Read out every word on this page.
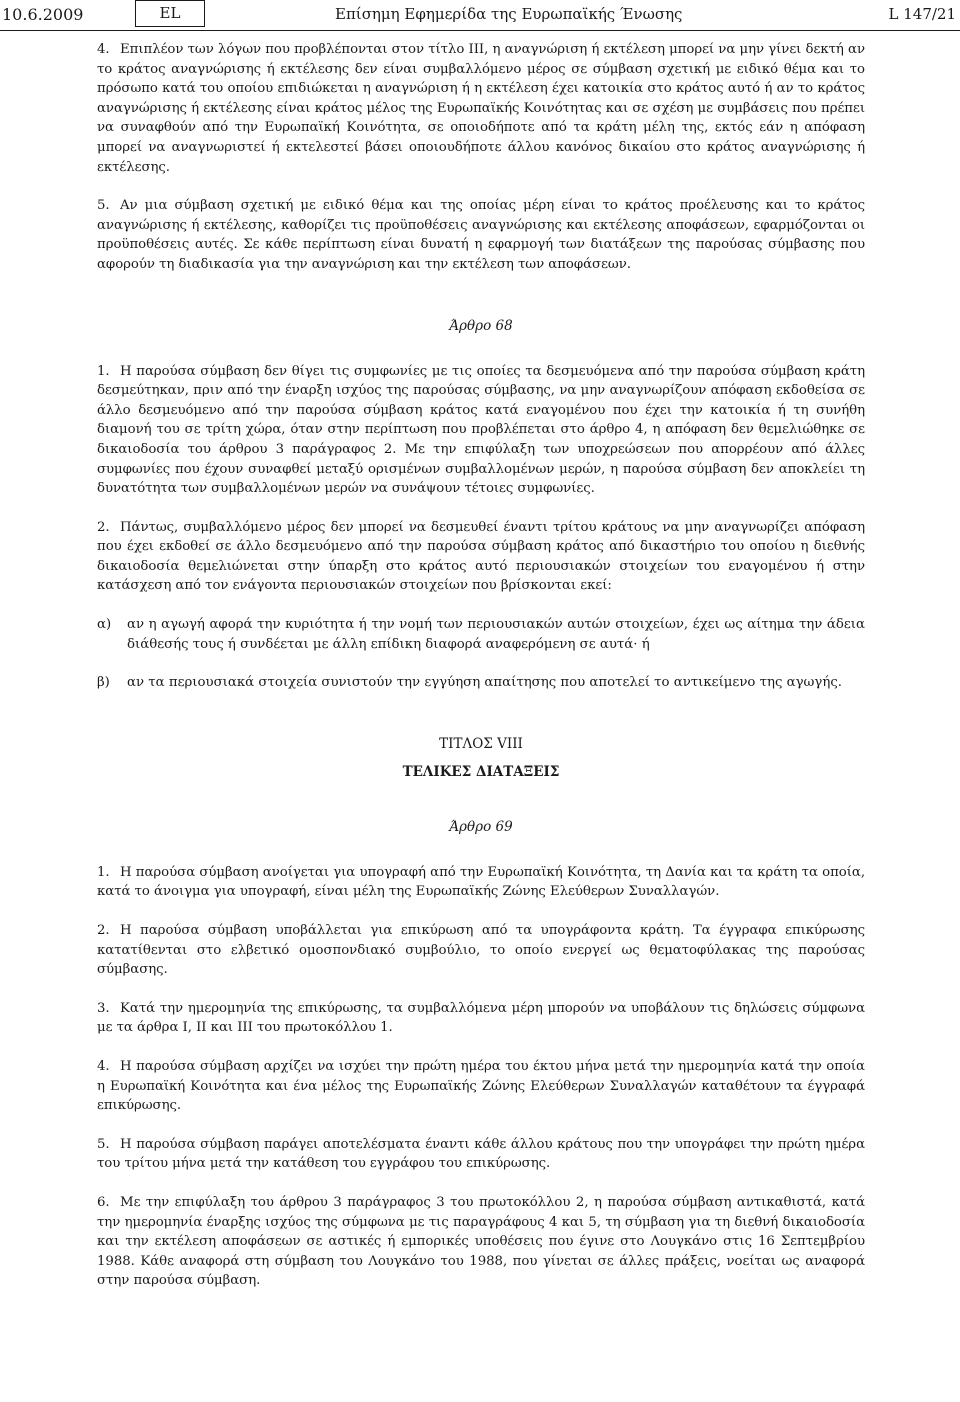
10.6.2009	EL	Επίσημη Εφημερίδα της Ευρωπαϊκής Ένωσης	L 147/21

4. Επιπλέον των λόγων που προβλέπονται στον τίτλο III, η αναγνώριση ή εκτέλεση μπορεί να μην γίνει δεκτή αν το κράτος αναγνώρισης ή εκτέλεσης δεν είναι συμβαλλόμενο μέρος σε σύμβαση σχετική με ειδικό θέμα και το πρόσωπο κατά του οποίου επιδιώκεται η αναγνώριση ή η εκτέλεση έχει κατοικία στο κράτος αυτό ή αν το κράτος αναγνώρισης ή εκτέλεσης είναι κράτος μέλος της Ευρωπαϊκής Κοινότητας και σε σχέση με συμβάσεις που πρέπει να συναφθούν από την Ευρωπαϊκή Κοινότητα, σε οποιοδήποτε από τα κράτη μέλη της, εκτός εάν η απόφαση μπορεί να αναγνωριστεί ή εκτελεστεί βάσει οποιουδήποτε άλλου κανόνος δικαίου στο κράτος αναγνώρισης ή εκτέλεσης.

5. Αν μια σύμβαση σχετική με ειδικό θέμα και της οποίας μέρη είναι το κράτος προέλευσης και το κράτος αναγνώρισης ή εκτέλεσης, καθορίζει τις προϋποθέσεις αναγνώρισης και εκτέλεσης αποφάσεων, εφαρμόζονται οι προϋποθέσεις αυτές. Σε κάθε περίπτωση είναι δυνατή η εφαρμογή των διατάξεων της παρούσας σύμβασης που αφορούν τη διαδικασία για την αναγνώριση και την εκτέλεση των αποφάσεων.

Άρθρο 68

1. Η παρούσα σύμβαση δεν θίγει τις συμφωνίες με τις οποίες τα δεσμευόμενα από την παρούσα σύμβαση κράτη δεσμεύτηκαν, πριν από την έναρξη ισχύος της παρούσας σύμβασης, να μην αναγνωρίζουν απόφαση εκδοθείσα σε άλλο δεσμευόμενο από την παρούσα σύμβαση κράτος κατά εναγομένου που έχει την κατοικία ή τη συνήθη διαμονή του σε τρίτη χώρα, όταν στην περίπτωση που προβλέπεται στο άρθρο 4, η απόφαση δεν θεμελιώθηκε σε δικαιοδοσία του άρθρου 3 παράγραφος 2. Με την επιφύλαξη των υποχρεώσεων που απορρέουν από άλλες συμφωνίες που έχουν συναφθεί μεταξύ ορισμένων συμβαλλομένων μερών, η παρούσα σύμβαση δεν αποκλείει τη δυνατότητα των συμβαλλομένων μερών να συνάψουν τέτοιες συμφωνίες.

2. Πάντως, συμβαλλόμενο μέρος δεν μπορεί να δεσμευθεί έναντι τρίτου κράτους να μην αναγνωρίζει απόφαση που έχει εκδοθεί σε άλλο δεσμευόμενο από την παρούσα σύμβαση κράτος από δικαστήριο του οποίου η διεθνής δικαιοδοσία θεμελιώνεται στην ύπαρξη στο κράτος αυτό περιουσιακών στοιχείων του εναγομένου ή στην κατάσχεση από τον ενάγοντα περιουσιακών στοιχείων που βρίσκονται εκεί:

α)	αν η αγωγή αφορά την κυριότητα ή την νομή των περιουσιακών αυτών στοιχείων, έχει ως αίτημα την άδεια διάθεσής τους ή συνδέεται με άλλη επίδικη διαφορά αναφερόμενη σε αυτά· ή
β)	αν τα περιουσιακά στοιχεία συνιστούν την εγγύηση απαίτησης που αποτελεί το αντικείμενο της αγωγής.

ΤΙΤΛΟΣ VIII

ΤΕΛΙΚΕΣ ΔΙΑΤΑΞΕΙΣ

Άρθρο 69

1. Η παρούσα σύμβαση ανοίγεται για υπογραφή από την Ευρωπαϊκή Κοινότητα, τη Δανία και τα κράτη τα οποία, κατά το άνοιγμα για υπογραφή, είναι μέλη της Ευρωπαϊκής Ζώνης Ελεύθερων Συναλλαγών.

2. Η παρούσα σύμβαση υποβάλλεται για επικύρωση από τα υπογράφοντα κράτη. Τα έγγραφα επικύρωσης κατατίθενται στο ελβετικό ομοσπονδιακό συμβούλιο, το οποίο ενεργεί ως θεματοφύλακας της παρούσας σύμβασης.

3. Κατά την ημερομηνία της επικύρωσης, τα συμβαλλόμενα μέρη μπορούν να υποβάλουν τις δηλώσεις σύμφωνα με τα άρθρα I, II και III του πρωτοκόλλου 1.

4. Η παρούσα σύμβαση αρχίζει να ισχύει την πρώτη ημέρα του έκτου μήνα μετά την ημερομηνία κατά την οποία η Ευρωπαϊκή Κοινότητα και ένα μέλος της Ευρωπαϊκής Ζώνης Ελεύθερων Συναλλαγών καταθέτουν τα έγγραφά επικύρωσης.

5. Η παρούσα σύμβαση παράγει αποτελέσματα έναντι κάθε άλλου κράτους που την υπογράφει την πρώτη ημέρα του τρίτου μήνα μετά την κατάθεση του εγγράφου του επικύρωσης.

6. Με την επιφύλαξη του άρθρου 3 παράγραφος 3 του πρωτοκόλλου 2, η παρούσα σύμβαση αντικαθιστά, κατά την ημερομηνία έναρξης ισχύος της σύμφωνα με τις παραγράφους 4 και 5, τη σύμβαση για τη διεθνή δικαιοδοσία και την εκτέλεση αποφάσεων σε αστικές ή εμπορικές υποθέσεις που έγινε στο Λουγκάνο στις 16 Σεπτεμβρίου 1988. Κάθε αναφορά στη σύμβαση του Λουγκάνο του 1988, που γίνεται σε άλλες πράξεις, νοείται ως αναφορά στην παρούσα σύμβαση.
